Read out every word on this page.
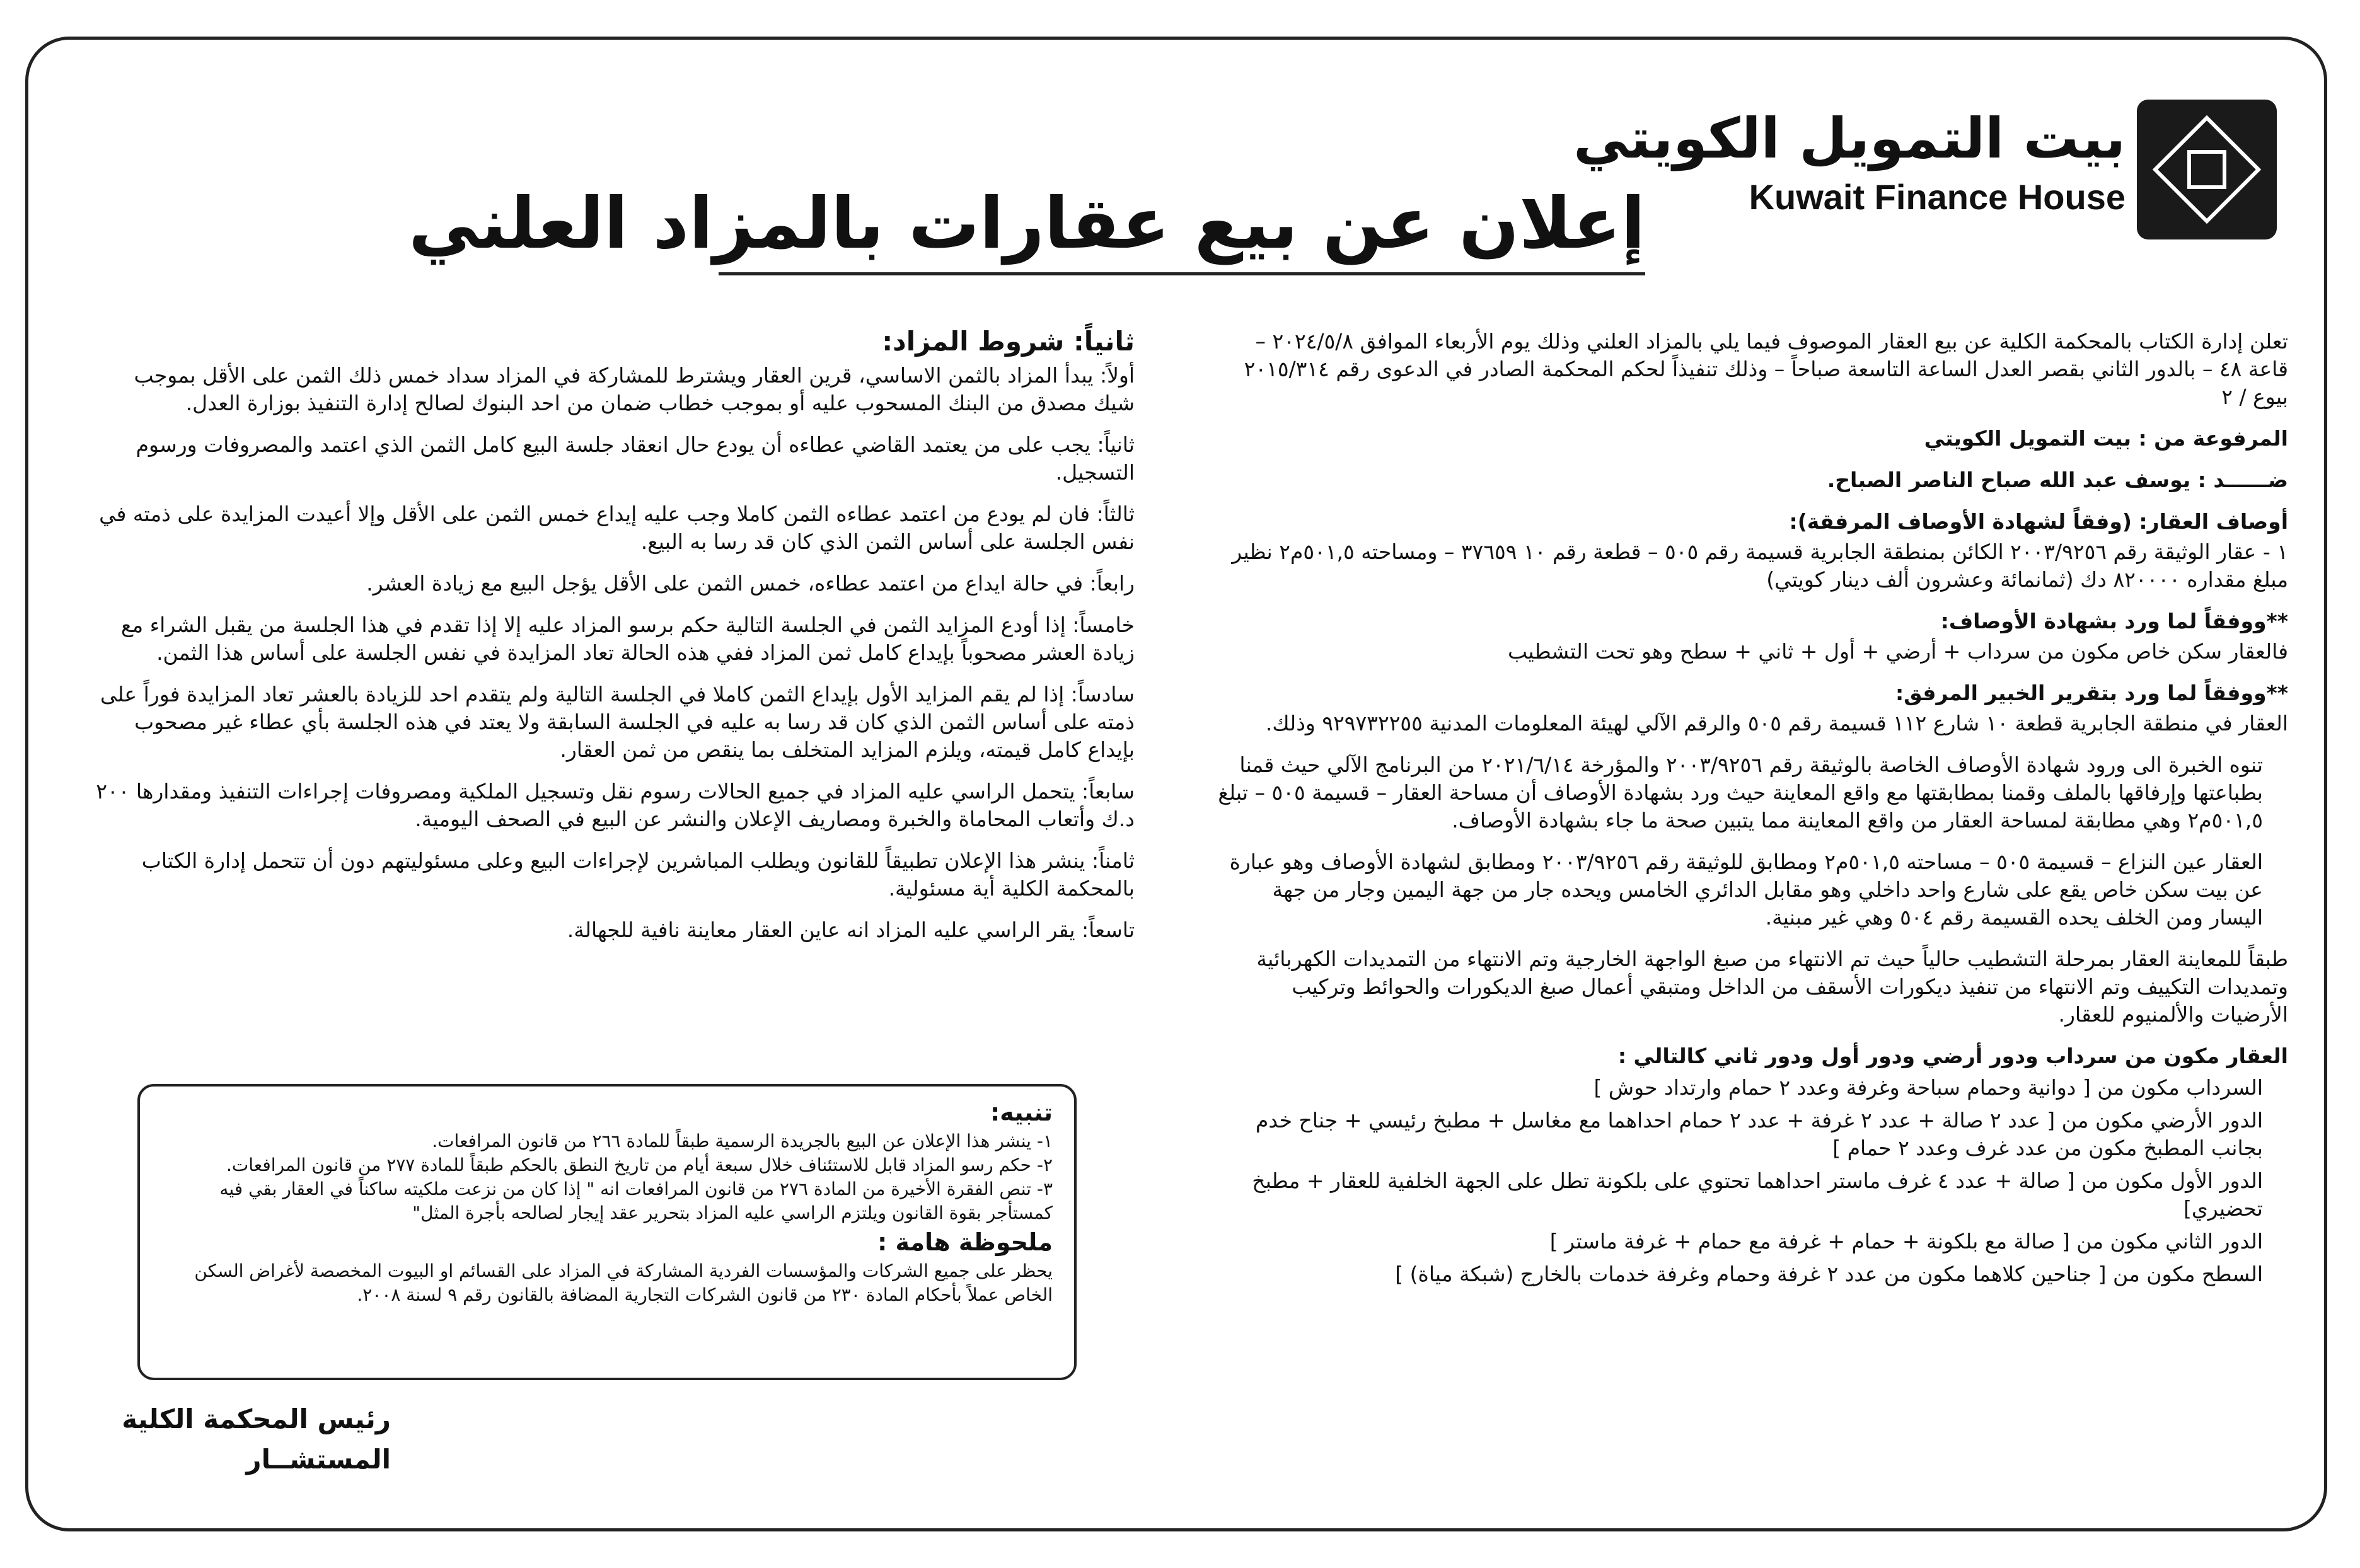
بيت التمويل الكويتي
Kuwait Finance House
إعلان عن بيع عقارات بالمزاد العلني

تعلن إدارة الكتاب بالمحكمة الكلية عن بيع العقار الموصوف فيما يلي بالمزاد العلني وذلك يوم الأربعاء الموافق ٢٠٢٤/٥/٨ – قاعة ٤٨ – بالدور الثاني بقصر العدل الساعة التاسعة صباحاً – وذلك تنفيذاً لحكم المحكمة الصادر في الدعوى رقم ٢٠١٥/٣١٤ بيوع / ٢

المرفوعة من : بيت التمويل الكويتي

ضــــــد : يوسف عبد الله صباح الناصر الصباح.

أوصاف العقار: (وفقاً لشهادة الأوصاف المرفقة):

١ - عقار الوثيقة رقم ٢٠٠٣/٩٢٥٦ الكائن بمنطقة الجابرية قسيمة رقم ٥٠٥ – قطعة رقم ١٠ ٣٧٦٥٩ – ومساحته ٥٠١,٥م٢ نظير مبلغ مقداره ٨٢٠٠٠٠ دك (ثمانمائة وعشرون ألف دينار كويتي)

**ووفقاً لما ورد بشهادة الأوصاف:

فالعقار سكن خاص مكون من سرداب + أرضي + أول + ثاني + سطح وهو تحت التشطيب

**ووفقاً لما ورد بتقرير الخبير المرفق:

العقار في منطقة الجابرية قطعة ١٠ شارع ١١٢ قسيمة رقم ٥٠٥ والرقم الآلي لهيئة المعلومات المدنية ٩٢٩٧٣٢٢٥٥ وذلك.

تنوه الخبرة الى ورود شهادة الأوصاف الخاصة بالوثيقة رقم ٢٠٠٣/٩٢٥٦ والمؤرخة ٢٠٢١/٦/١٤ من البرنامج الآلي حيث قمنا بطباعتها وإرفاقها بالملف وقمنا بمطابقتها مع واقع المعاينة حيث ورد بشهادة الأوصاف أن مساحة العقار – قسيمة ٥٠٥ – تبلغ ٥٠١,٥م٢ وهي مطابقة لمساحة العقار من واقع المعاينة مما يتبين صحة ما جاء بشهادة الأوصاف.

العقار عين النزاع – قسيمة ٥٠٥ – مساحته ٥٠١,٥م٢ ومطابق للوثيقة رقم ٢٠٠٣/٩٢٥٦ ومطابق لشهادة الأوصاف وهو عبارة عن بيت سكن خاص يقع على شارع واحد داخلي وهو مقابل الدائري الخامس ويحده جار من جهة اليمين وجار من جهة اليسار ومن الخلف يحده القسيمة رقم ٥٠٤ وهي غير مبنية.

طبقاً للمعاينة العقار بمرحلة التشطيب حالياً حيث تم الانتهاء من صبغ الواجهة الخارجية وتم الانتهاء من التمديدات الكهربائية وتمديدات التكييف وتم الانتهاء من تنفيذ ديكورات الأسقف من الداخل ومتبقي أعمال صبغ الديكورات والحوائط وتركيب الأرضيات والألمنيوم للعقار.

العقار مكون من سرداب ودور أرضي ودور أول ودور ثاني كالتالي :

السرداب مكون من [ دوانية وحمام سباحة وغرفة وعدد ٢ حمام وارتداد حوش ]

الدور الأرضي مكون من [ عدد ٢ صالة + عدد ٢ غرفة + عدد ٢ حمام احداهما مع مغاسل + مطبخ رئيسي + جناح خدم بجانب المطبخ مكون من عدد غرف وعدد ٢ حمام ]

الدور الأول مكون من [ صالة + عدد ٤ غرف ماستر احداهما تحتوي على بلكونة تطل على الجهة الخلفية للعقار + مطبخ تحضيري]

الدور الثاني مكون من [ صالة مع بلكونة + حمام + غرفة مع حمام + غرفة ماستر ]

السطح مكون من [ جناحين كلاهما مكون من عدد ٢ غرفة وحمام وغرفة خدمات بالخارج (شبكة مياة) ]

ثانياً: شروط المزاد:

أولاً: يبدأ المزاد بالثمن الاساسي، قرين العقار ويشترط للمشاركة في المزاد سداد خمس ذلك الثمن على الأقل بموجب شيك مصدق من البنك المسحوب عليه أو بموجب خطاب ضمان من احد البنوك لصالح إدارة التنفيذ بوزارة العدل.

ثانياً: يجب على من يعتمد القاضي عطاءه أن يودع حال انعقاد جلسة البيع كامل الثمن الذي اعتمد والمصروفات ورسوم التسجيل.

ثالثاً: فان لم يودع من اعتمد عطاءه الثمن كاملا وجب عليه إيداع خمس الثمن على الأقل وإلا أعيدت المزايدة على ذمته في نفس الجلسة على أساس الثمن الذي كان قد رسا به البيع.

رابعاً: في حالة ايداع من اعتمد عطاءه، خمس الثمن على الأقل يؤجل البيع مع زيادة العشر.

خامساً: إذا أودع المزايد الثمن في الجلسة التالية حكم برسو المزاد عليه إلا إذا تقدم في هذا الجلسة من يقبل الشراء مع زيادة العشر مصحوباً بإيداع كامل ثمن المزاد ففي هذه الحالة تعاد المزايدة في نفس الجلسة على أساس هذا الثمن.

سادساً: إذا لم يقم المزايد الأول بإيداع الثمن كاملا في الجلسة التالية ولم يتقدم احد للزيادة بالعشر تعاد المزايدة فوراً على ذمته على أساس الثمن الذي كان قد رسا به عليه في الجلسة السابقة ولا يعتد في هذه الجلسة بأي عطاء غير مصحوب بإيداع كامل قيمته، ويلزم المزايد المتخلف بما ينقص من ثمن العقار.

سابعاً: يتحمل الراسي عليه المزاد في جميع الحالات رسوم نقل وتسجيل الملكية ومصروفات إجراءات التنفيذ ومقدارها ٢٠٠ د.ك وأتعاب المحاماة والخبرة ومصاريف الإعلان والنشر عن البيع في الصحف اليومية.

ثامناً: ينشر هذا الإعلان تطبيقاً للقانون ويطلب المباشرين لإجراءات البيع وعلى مسئوليتهم دون أن تتحمل إدارة الكتاب بالمحكمة الكلية أية مسئولية.

تاسعاً: يقر الراسي عليه المزاد انه عاين العقار معاينة نافية للجهالة.

تنبيه:
١- ينشر هذا الإعلان عن البيع بالجريدة الرسمية طبقاً للمادة ٢٦٦ من قانون المرافعات.
٢- حكم رسو المزاد قابل للاستئناف خلال سبعة أيام من تاريخ النطق بالحكم طبقاً للمادة ٢٧٧ من قانون المرافعات.
٣- تنص الفقرة الأخيرة من المادة ٢٧٦ من قانون المرافعات انه " إذا كان من نزعت ملكيته ساكناً في العقار بقي فيه كمستأجر بقوة القانون ويلتزم الراسي عليه المزاد بتحرير عقد إيجار لصالحه بأجرة المثل"
ملحوظة هامة :
يحظر على جميع الشركات والمؤسسات الفردية المشاركة في المزاد على القسائم او البيوت المخصصة لأغراض السكن الخاص عملاً بأحكام المادة ٢٣٠ من قانون الشركات التجارية المضافة بالقانون رقم ٩ لسنة ٢٠٠٨.
رئيس المحكمة الكلية
المستشــار
